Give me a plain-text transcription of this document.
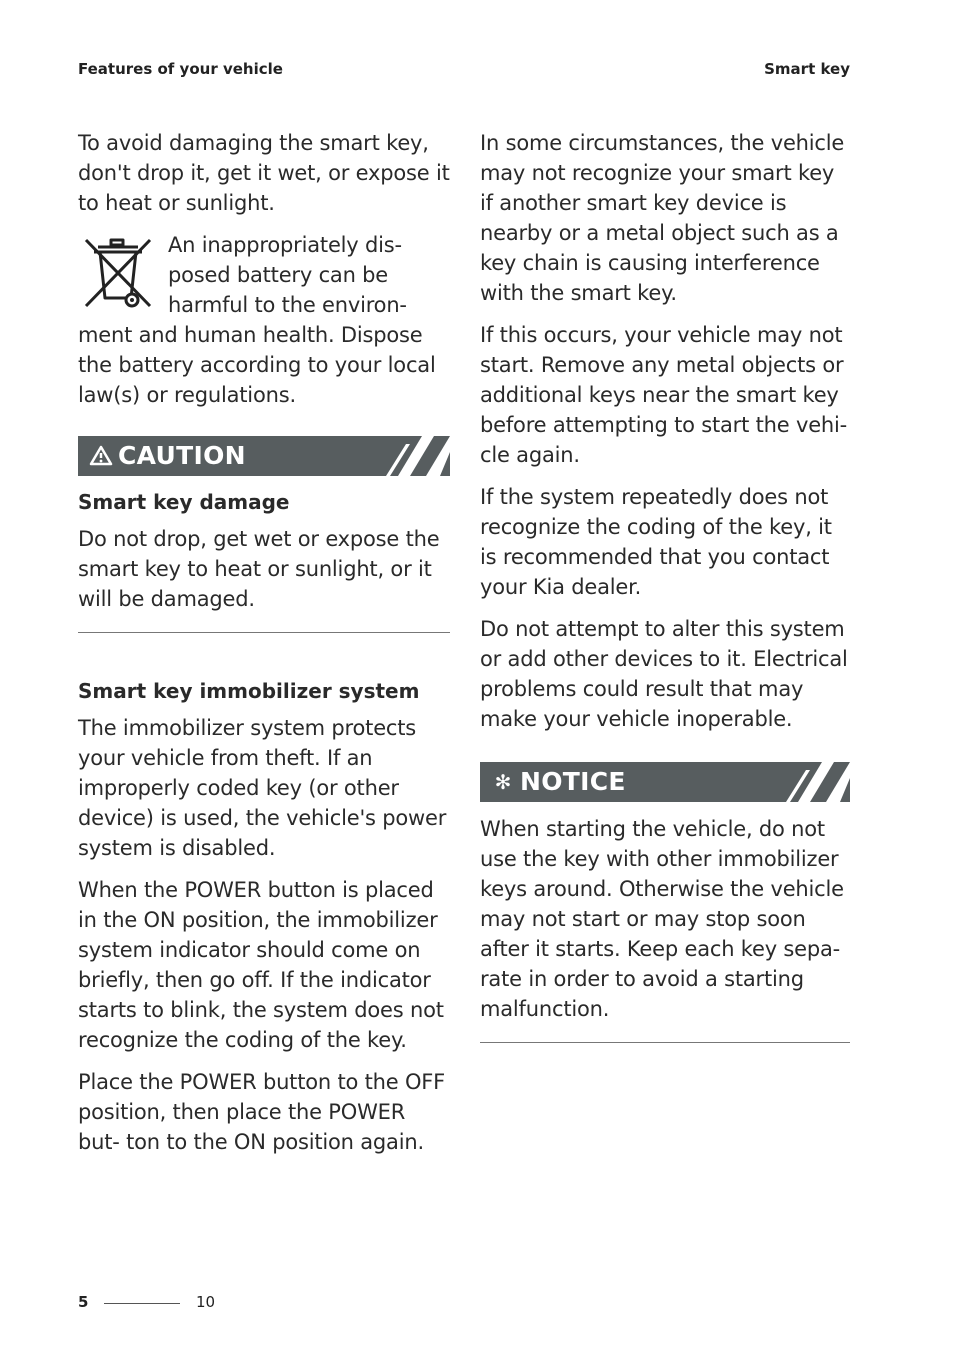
Features of your vehicle	Smart key

To avoid damaging the smart key, don't drop it, get it wet, or expose it to heat or sunlight.

An inappropriately dis- posed battery can be harmful to the environ- ment and human health. Dispose the battery according to your local law(s) or regulations.

CAUTION
Smart key damage

Do not drop, get wet or expose the smart key to heat or sunlight, or it will be damaged.

Smart key immobilizer system

The immobilizer system protects your vehicle from theft. If an improperly coded key (or other device) is used, the vehicle's power system is disabled.

When the POWER button is placed in the ON position, the immobilizer system indicator should come on briefly, then go off. If the indicator starts to blink, the system does not recognize the coding of the key.

Place the POWER button to the OFF position, then place the POWER but- ton to the ON position again.

In some circumstances, the vehicle may not recognize your smart key if another smart key device is nearby or a metal object such as a key chain is causing interference with the smart key.

If this occurs, your vehicle may not start. Remove any metal objects or additional keys near the smart key before attempting to start the vehi- cle again.

If the system repeatedly does not recognize the coding of the key, it is recommended that you contact your Kia dealer.

Do not attempt to alter this system or add other devices to it. Electrical problems could result that may make your vehicle inoperable.

✻ NOTICE

When starting the vehicle, do not use the key with other immobilizer keys around. Otherwise the vehicle may not start or may stop soon after it starts. Keep each key sepa- rate in order to avoid a starting malfunction.

5	10
